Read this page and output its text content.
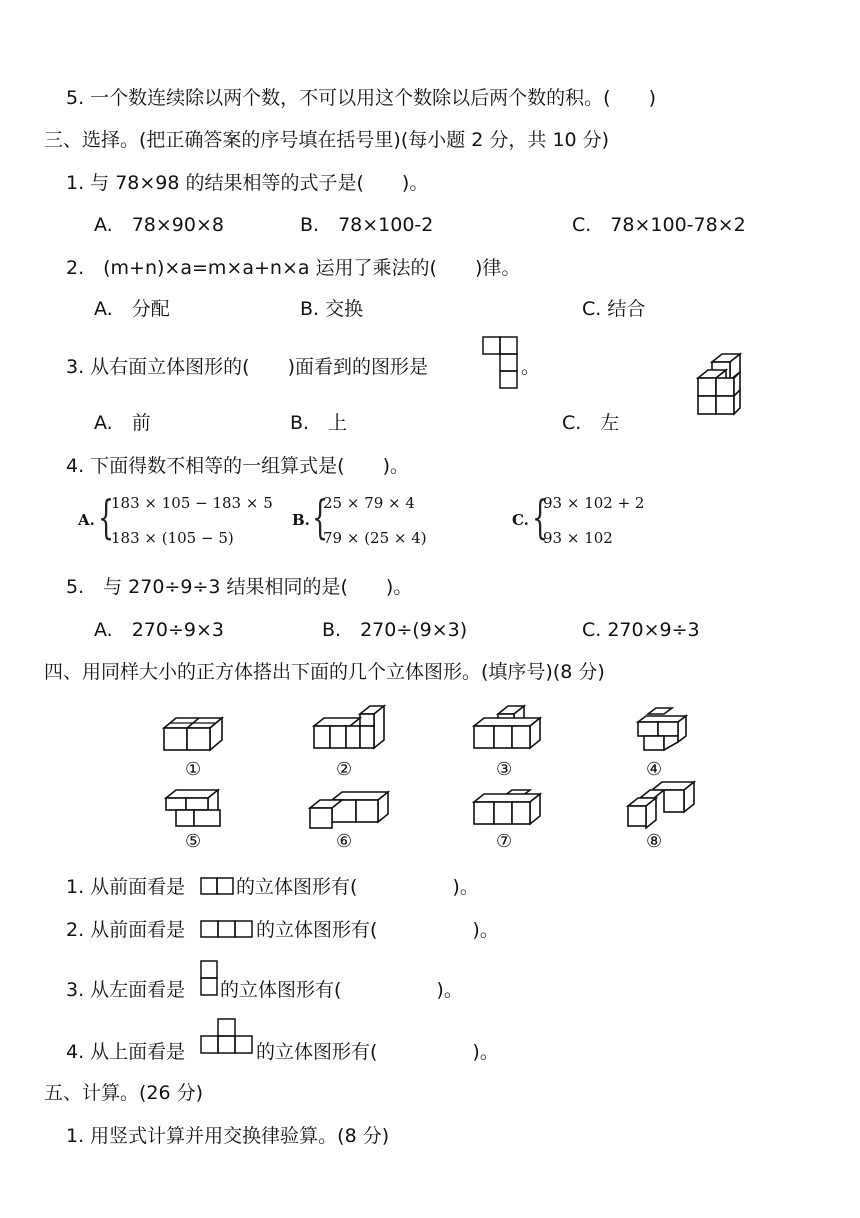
5. 一个数连续除以两个数，不可以用这个数除以后两个数的积。(　　)
三、选择。(把正确答案的序号填在括号里)(每小题 2 分，共 10 分)
1. 与 78×98 的结果相等的式子是(　　)。
A.　78×90×8	B.　78×100-2	C.　78×100-78×2
2.　(m+n)×a=m×a+n×a 运用了乘法的(　　)律。
A.　分配	B. 交换	C. 结合
3. 从右面立体图形的(　　)面看到的图形是	。
A.　前	B.　上	C.　左
4. 下面得数不相等的一组算式是(　　)。
A. {
183 × 105 − 183 × 5
183 × (105 − 5)
B. {
25 × 79 × 4
79 × (25 × 4)
C. {
93 × 102 + 2
93 × 102
5.　与 270÷9÷3 结果相同的是(　　)。
A.　270÷9×3	B.　270÷(9×3)	C. 270×9÷3
四、用同样大小的正方体搭出下面的几个立体图形。(填序号)(8 分)
①	②	③	④
⑤	⑥	⑦	⑧
1. 从前面看是	的立体图形有(　　　　　)。
2. 从前面看是	的立体图形有(　　　　　)。
3. 从左面看是 的立体图形有(　　　　　)。
4. 从上面看是	的立体图形有(　　　　　)。
五、计算。(26 分)
1. 用竖式计算并用交换律验算。(8 分)
